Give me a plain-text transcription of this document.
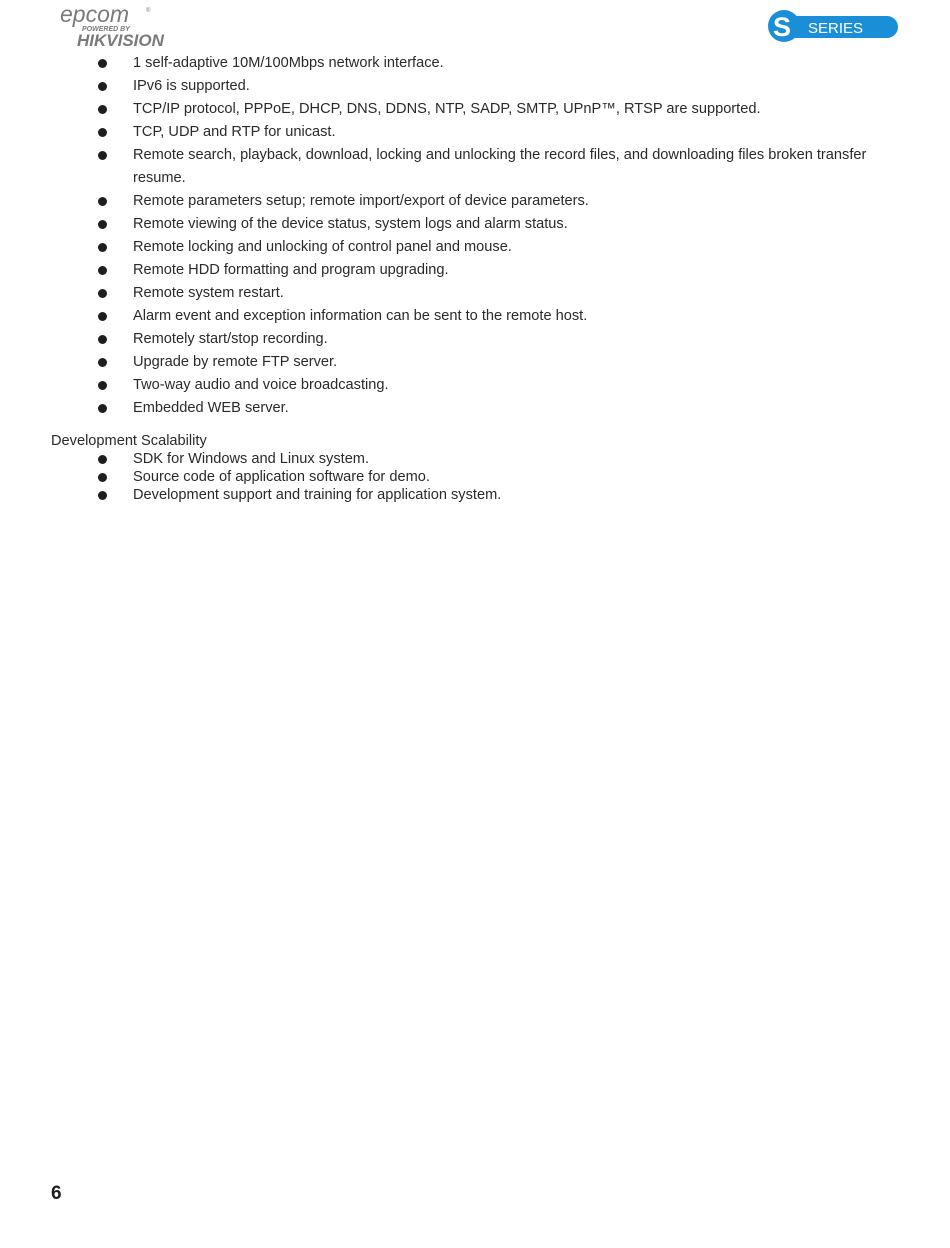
epcom	®
POWERED BY
HIKVISION	S SERIES
1 self-adaptive 10M/100Mbps network interface.
IPv6 is supported.
TCP/IP protocol, PPPoE, DHCP, DNS, DDNS, NTP, SADP, SMTP, UPnP™, RTSP are supported.
TCP, UDP and RTP for unicast.
Remote search, playback, download, locking and unlocking the record files, and downloading files broken transfer resume.
Remote parameters setup; remote import/export of device parameters.
Remote viewing of the device status, system logs and alarm status.
Remote locking and unlocking of control panel and mouse.
Remote HDD formatting and program upgrading.
Remote system restart.
Alarm event and exception information can be sent to the remote host.
Remotely start/stop recording.
Upgrade by remote FTP server.
Two-way audio and voice broadcasting.
Embedded WEB server.
Development Scalability
SDK for Windows and Linux system.
Source code of application software for demo.
Development support and training for application system.
6
